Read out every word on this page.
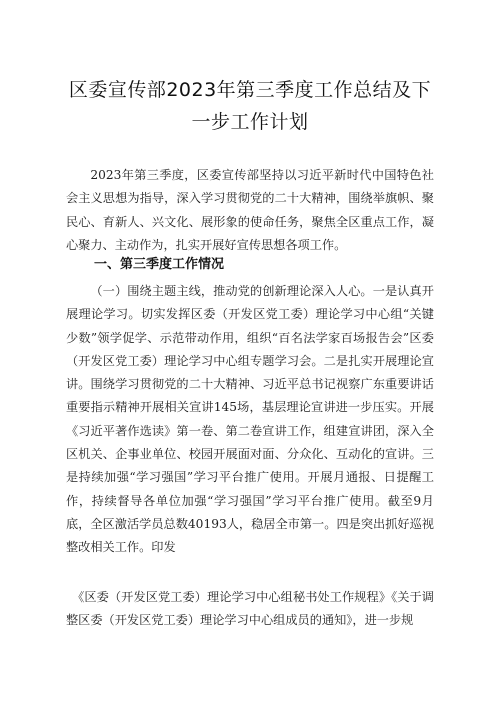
区委宣传部2023年第三季度工作总结及下
一步工作计划
2023年第三季度，区委宣传部坚持以习近平新时代中国特色社会主义思想为指导，深入学习贯彻党的二十大精神，围绕举旗帜、聚民心、育新人、兴文化、展形象的使命任务，聚焦全区重点工作，凝心聚力、主动作为，扎实开展好宣传思想各项工作。
一、第三季度工作情况
（一）围绕主题主线，推动党的创新理论深入人心。一是认真开展理论学习。切实发挥区委（开发区党工委）理论学习中心组“关键少数”领学促学、示范带动作用，组织“百名法学家百场报告会”区委（开发区党工委）理论学习中心组专题学习会。二是扎实开展理论宣讲。围绕学习贯彻党的二十大精神、习近平总书记视察广东重要讲话重要指示精神开展相关宣讲145场，基层理论宣讲进一步压实。开展《习近平著作选读》第一卷、第二卷宣讲工作，组建宣讲团，深入全区机关、企事业单位、校园开展面对面、分众化、互动化的宣讲。三是持续加强“学习强国”学习平台推广使用。开展月通报、日提醒工作，持续督导各单位加强“学习强国”学习平台推广使用。截至9月底，全区激活学员总数40193人，稳居全市第一。四是突出抓好巡视整改相关工作。印发
《区委（开发区党工委）理论学习中心组秘书处工作规程》《关于调整区委（开发区党工委）理论学习中心组成员的通知》，进一步规
